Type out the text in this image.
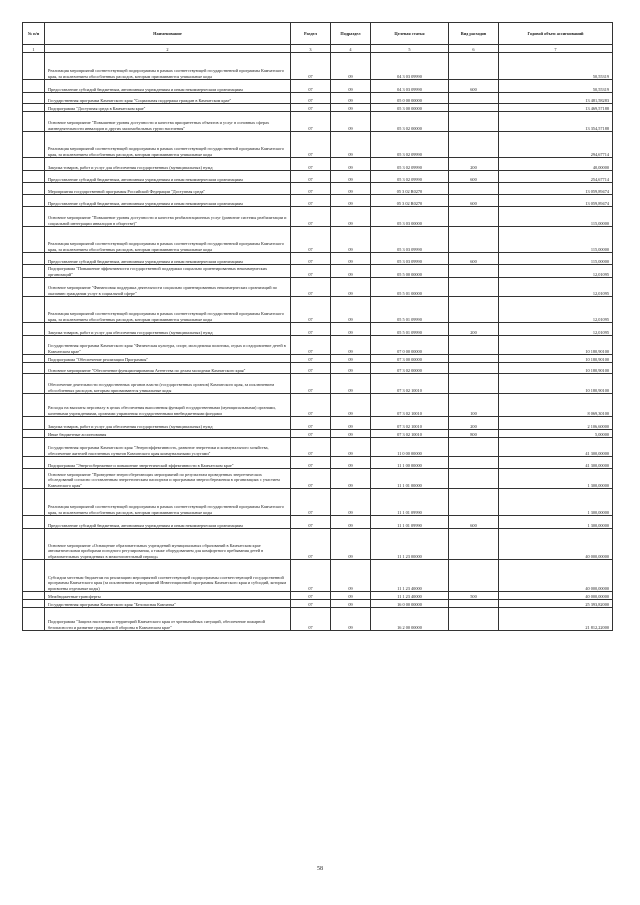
№ п/п	Наименование	Раздел	Подраздел	Целевая статья	Вид расходов	Годовой объем ассигнований
1	2	3	4	5	6	7
	Реализация мероприятий соответствующей подпрограммы в рамках соответствующей государственной программы Камчатского края, за исключением обособленных расходов, которым присваиваются уникальные коды	07	09	04 3 03 09990		50,55319
	Предоставление субсидий бюджетным, автономным учреждениям и иным некоммерческим организациям	07	09	04 3 03 09990	600	50,55319
	Государственная программа Камчатского края "Социальная поддержка граждан в Камчатском крае"	07	09	05 0 00 00000		13 481,58283
	Подпрограмма "Доступная среда в Камчатском крае"	07	09	05 3 00 00000		13 469,57188
	Основное мероприятие "Повышение уровня доступности и качества приоритетных объектов и услуг в основных сферах жизнедеятельности инвалидов и других маломобильных групп населения"	07	09	05 3 02 00000		13 354,57188
	Реализация мероприятий соответствующей подпрограммы в рамках соответствующей государственной программы Камчатского края, за исключением обособленных расходов, которым присваиваются уникальные коды	07	09	05 3 02 09990		294,67714
	Закупка товаров, работ и услуг для обеспечения государственных (муниципальных) нужд	07	09	05 3 02 09990	200	40,00000
	Предоставление субсидий бюджетным, автономным учреждениям и иным некоммерческим организациям	07	09	05 3 02 09990	600	254,67714
	Мероприятия государственной программы Российской Федерации "Доступная среда"	07	09	05 3 02 R0270		13 059,89474
	Предоставление субсидий бюджетным, автономным учреждениям и иным некоммерческим организациям	07	09	05 3 02 R0270	600	13 059,89474
	Основное мероприятие "Повышение уровня доступности и качества реабилитационных услуг (развитие системы реабилитации и социальной интеграции инвалидов в обществе)"	07	09	05 3 03 00000		115,00000
	Реализация мероприятий соответствующей подпрограммы в рамках соответствующей государственной программы Камчатского края, за исключением обособленных расходов, которым присваиваются уникальные коды	07	09	05 3 03 09990		115,00000
	Предоставление субсидий бюджетным, автономным учреждениям и иным некоммерческим организациям	07	09	05 3 03 09990	600	115,00000
	Подпрограмма "Повышение эффективности государственной поддержки социально ориентированных некоммерческих организаций"	07	09	05 5 00 00000		12,01095
	Основное мероприятие "Финансовая поддержка деятельности социально ориентированных некоммерческих организаций по оказанию гражданам услуг в социальной сфере"	07	09	05 5 01 00000		12,01095
	Реализация мероприятий соответствующей подпрограммы в рамках соответствующей государственной программы Камчатского края, за исключением обособленных расходов, которым присваиваются уникальные коды	07	09	05 5 01 09990		12,01095
	Закупка товаров, работ и услуг для обеспечения государственных (муниципальных) нужд	07	09	05 5 01 09990	200	12,01095
	Государственная программа Камчатского края "Физическая культура, спорт, молодежная политика, отдых и оздоровление детей в Камчатском крае"	07	09	07 0 00 00000		10 180,90100
	Подпрограмма "Обеспечение реализации Программы"	07	09	07 3 00 00000		10 180,90100
	Основное мероприятие "Обеспечение функционирования Агентства по делам молодежи Камчатского края"	07	09	07 3 02 00000		10 180,90100
	Обеспечение деятельности государственных органов власти (государственных органов) Камчатского края, за исключением обособленных расходов, которым присваиваются уникальные коды	07	09	07 3 02 10010		10 180,90100
	Расходы на выплаты персоналу в целях обеспечения выполнения функций государственными (муниципальными) органами, казенными учреждениями, органами управления государственными внебюджетными фондами	07	09	07 3 02 10010	100	8 069,30100
	Закупка товаров, работ и услуг для обеспечения государственных (муниципальных) нужд	07	09	07 3 02 10010	200	2 106,60000
	Иные бюджетные ассигнования	07	09	07 3 02 10010	800	5,00000
	Государственная программа Камчатского края "Энергоэффективность, развитие энергетики и коммунального хозяйства, обеспечение жителей населенных пунктов Камчатского края коммунальными услугами"	07	09	11 0 00 00000		41 300,00000
	Подпрограмма "Энергосбережение и повышение энергетической эффективности в Камчатском крае"	07	09	11 1 00 00000		41 300,00000
	Основное мероприятие "Проведение энергосберегающих мероприятий по результатам проведенных энергетических обследований согласно составленным энергетическим паспортам и программам энергосбережения в организациях с участием Камчатского края"	07	09	11 1 01 00000		1 300,00000
	Реализация мероприятий соответствующей подпрограммы в рамках соответствующей государственной программы Камчатского края, за исключением обособленных расходов, которым присваиваются уникальные коды	07	09	11 1 01 09990		1 300,00000
	Предоставление субсидий бюджетным, автономным учреждениям и иным некоммерческим организациям	07	09	11 1 01 09990	600	1 300,00000
	Основное мероприятие «Оснащение образовательных учреждений муниципальных образований в Камчатском крае автоматическими приборами погодного регулирования, а также оборудованием для комфортного пребывания детей в образовательных учреждениях в межотопительный период»	07	09	11 1 23 00000		40 000,00000
	Субсидии местным бюджетам на реализацию мероприятий соответствующей подпрограммы соответствующей государственной программы Камчатского края (за исключением мероприятий Инвестиционной программы Камчатского края и субсидий, которым присвоены отдельные коды)	07	09	11 1 23 40000		40 000,00000
	Межбюджетные трансферты	07	09	11 1 23 40000	500	40 000,00000
	Государственная программа Камчатского края "Безопасная Камчатка"	07	09	16 0 00 00000		25 393,82000
	Подпрограмма "Защита населения и территорий Камчатского края от чрезвычайных ситуаций, обеспечение пожарной безопасности и развитие гражданской обороны в Камчатском крае"	07	09	16 2 00 00000		21 812,22000
58
